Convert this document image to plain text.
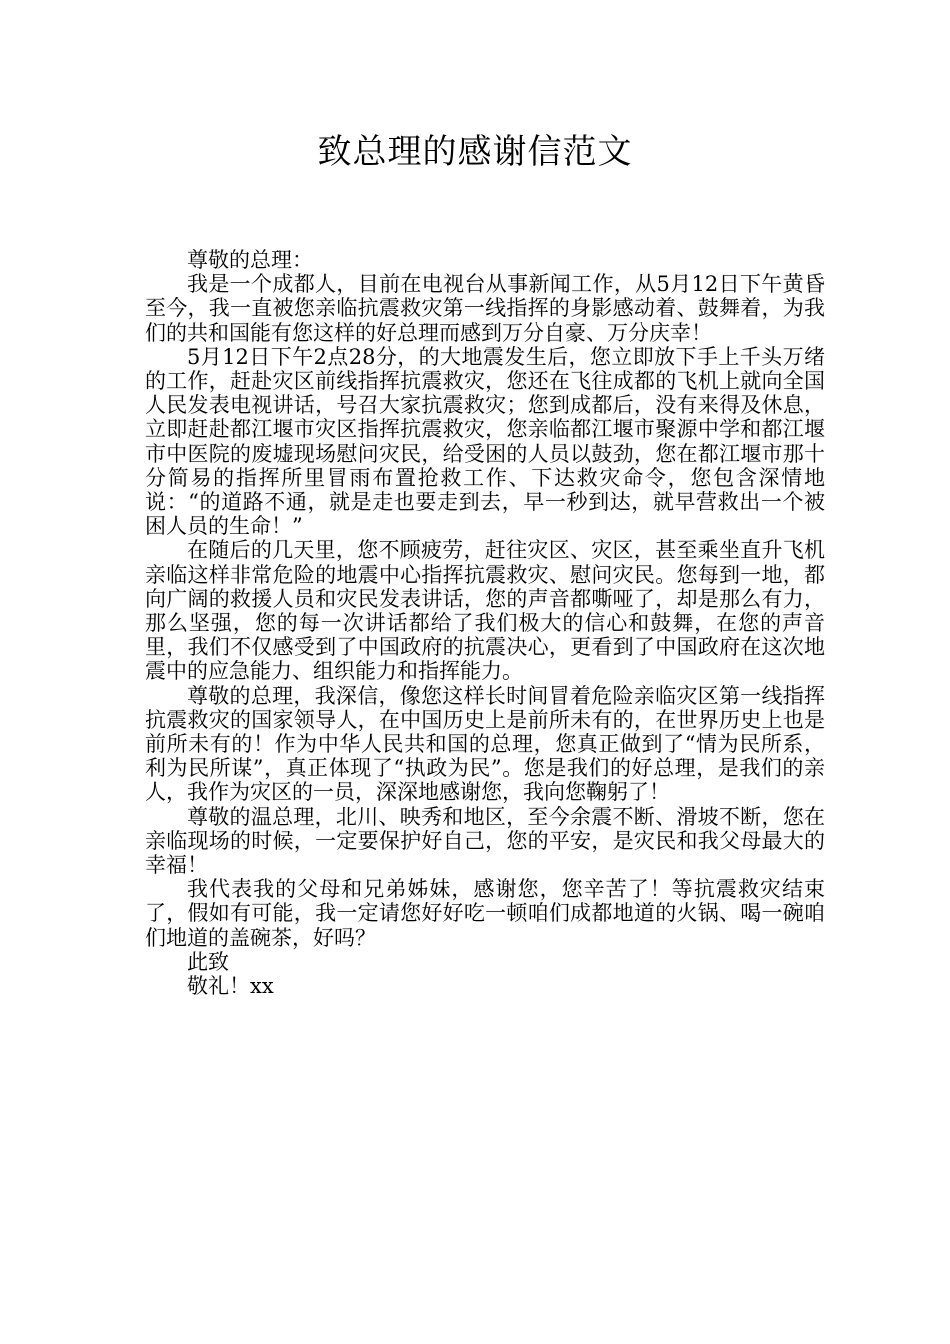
致总理的感谢信范文

尊敬的总理：

我是一个成都人，目前在电视台从事新闻工作，从5月12日下午黄昏至今，我一直被您亲临抗震救灾第一线指挥的身影感动着、鼓舞着，为我们的共和国能有您这样的好总理而感到万分自豪、万分庆幸！

5月12日下午2点28分，的大地震发生后，您立即放下手上千头万绪的工作，赶赴灾区前线指挥抗震救灾，您还在飞往成都的飞机上就向全国人民发表电视讲话，号召大家抗震救灾；您到成都后，没有来得及休息，立即赶赴都江堰市灾区指挥抗震救灾，您亲临都江堰市聚源中学和都江堰市中医院的废墟现场慰问灾民，给受困的人员以鼓劲，您在都江堰市那十分简易的指挥所里冒雨布置抢救工作、下达救灾命令，您包含深情地说：“的道路不通，就是走也要走到去，早一秒到达，就早营救出一个被困人员的生命！”

在随后的几天里，您不顾疲劳，赶往灾区、灾区，甚至乘坐直升飞机亲临这样非常危险的地震中心指挥抗震救灾、慰问灾民。您每到一地，都向广阔的救援人员和灾民发表讲话，您的声音都嘶哑了，却是那么有力，那么坚强，您的每一次讲话都给了我们极大的信心和鼓舞，在您的声音里，我们不仅感受到了中国政府的抗震决心，更看到了中国政府在这次地震中的应急能力、组织能力和指挥能力。

尊敬的总理，我深信，像您这样长时间冒着危险亲临灾区第一线指挥抗震救灾的国家领导人，在中国历史上是前所未有的，在世界历史上也是前所未有的！作为中华人民共和国的总理，您真正做到了“情为民所系，利为民所谋”，真正体现了“执政为民”。您是我们的好总理，是我们的亲人，我作为灾区的一员，深深地感谢您，我向您鞠躬了！

尊敬的温总理，北川、映秀和地区，至今余震不断、滑坡不断，您在亲临现场的时候，一定要保护好自己，您的平安，是灾民和我父母最大的幸福！

我代表我的父母和兄弟姊妹，感谢您，您辛苦了！等抗震救灾结束了，假如有可能，我一定请您好好吃一顿咱们成都地道的火锅、喝一碗咱们地道的盖碗茶，好吗？

此致

敬礼！xx
